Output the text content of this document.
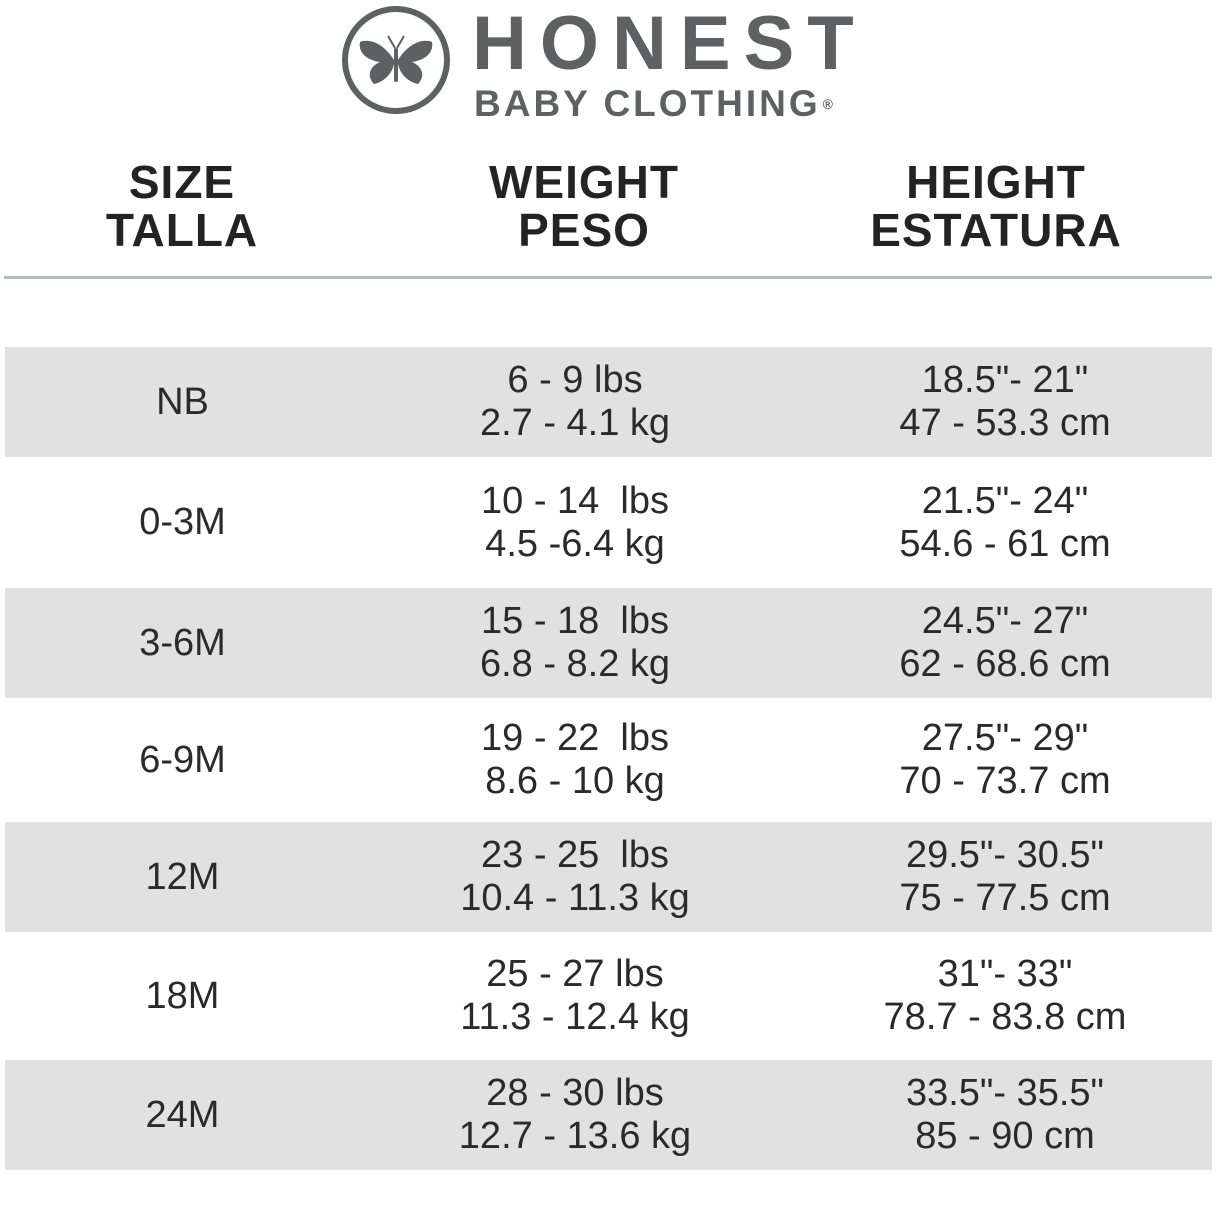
HONEST
BABY CLOTHING ®
SIZE
TALLA
WEIGHT
PESO
HEIGHT
ESTATURA
NB
6 - 9 lbs
2.7 - 4.1 kg
18.5"- 21"
47 - 53.3 cm
0-3M
10 - 14  lbs
4.5 -6.4 kg
21.5"- 24"
54.6 - 61 cm
3-6M
15 - 18  lbs
6.8 - 8.2 kg
24.5"- 27"
62 - 68.6 cm
6-9M
19 - 22  lbs
8.6 - 10 kg
27.5"- 29"
70 - 73.7 cm
12M
23 - 25  lbs
10.4 - 11.3 kg
29.5"- 30.5"
75 - 77.5 cm
18M
25 - 27 lbs
11.3 - 12.4 kg
31"- 33"
78.7 - 83.8 cm
24M
28 - 30 lbs
12.7 - 13.6 kg
33.5"- 35.5"
85 - 90 cm
